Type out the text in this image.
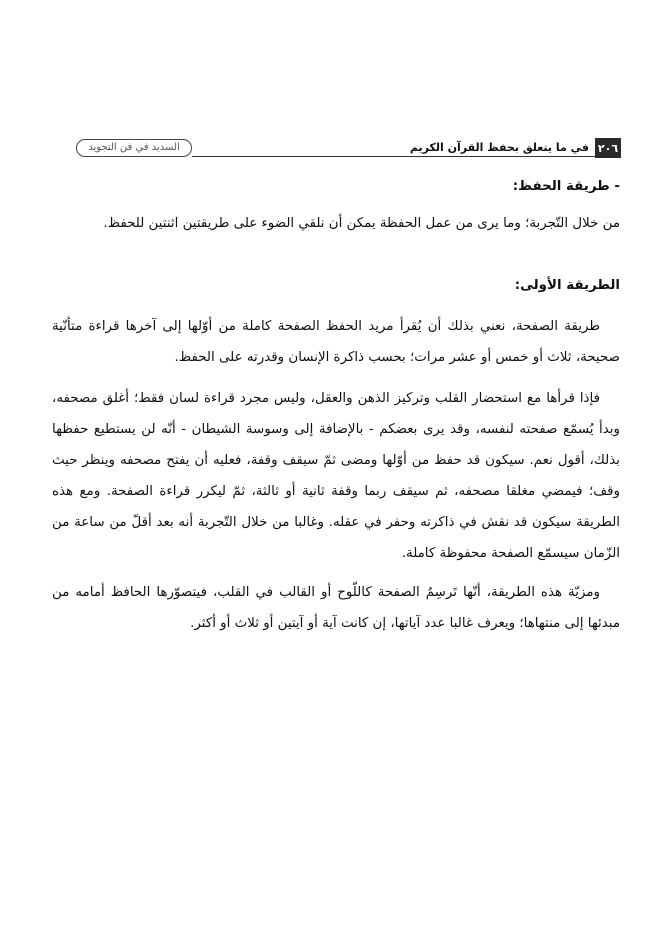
٢٠٦
في ما يتعلق بحفظ القرآن الكريم
السديد في فن التجويد

- طريقة الحفظ:

من خلال التّجربة؛ وما يرى من عمل الحفظة يمكن أن نلقي الضوء على طريقتين اثنتين للحفظ.

الطريقة الأولى:

طريقة الصفحة، نعني بذلك أن يُقرأ مريد الحفظ الصفحة كاملة من أوّلها إلى آخرها قراءة متأنّية صحيحة، ثلاث أو خمس أو عشر مرات؛ بحسب ذاكرة الإنسان وقدرته على الحفظ.

فإذا قرأها مع استحضار القلب وتركيز الذهن والعقل، وليس مجرد قراءة لسان فقط؛ أغلق مصحفه، وبدأ يُسمّع صفحته لنفسه، وقد يرى بعضكم - بالإضافة إلى وسوسة الشيطان - أنّه لن يستطيع حفظها بذلك، أقول نعم. سيكون قد حفظ من أوّلها ومضى ثمّ سيقف وقفة، فعليه أن يفتح مصحفه وينظر حيث وقف؛ فيمضي مغلقا مصحفه، ثم سيقف ربما وقفة ثانية أو ثالثة، ثمّ ليكرر قراءة الصفحة. ومع هذه الطريقة سيكون قد نقش في ذاكرته وحفر في عقله. وغالبا من خلال التّجربة أنه بعد أقلّ من ساعة من الزّمان سيسمّع الصفحة محفوظة كاملة.

ومزيّة هذه الطريقة، أنّها تَرسِمُ الصفحة كاللّوح أو القالب في القلب، فيتصوّرها الحافظ أمامه من مبدئها إلى منتهاها؛ ويعرف غالبا عدد آياتها، إن كانت آية أو آيتين أو ثلاث أو أكثر.
